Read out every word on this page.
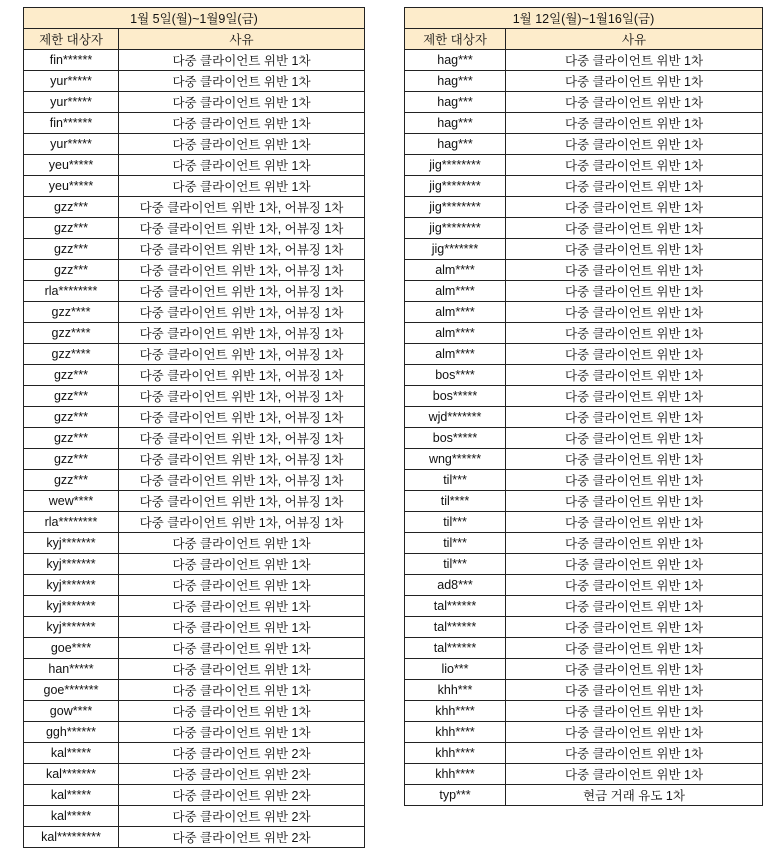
1월 5일(월)~1월9일(금)	
제한 대상자	사유
fin******	다중 클라이언트 위반 1차
yur*****	다중 클라이언트 위반 1차
yur*****	다중 클라이언트 위반 1차
fin******	다중 클라이언트 위반 1차
yur*****	다중 클라이언트 위반 1차
yeu*****	다중 클라이언트 위반 1차
yeu*****	다중 클라이언트 위반 1차
gzz***	다중 클라이언트 위반 1차, 어뷰징 1차
gzz***	다중 클라이언트 위반 1차, 어뷰징 1차
gzz***	다중 클라이언트 위반 1차, 어뷰징 1차
gzz***	다중 클라이언트 위반 1차, 어뷰징 1차
rla********	다중 클라이언트 위반 1차, 어뷰징 1차
gzz****	다중 클라이언트 위반 1차, 어뷰징 1차
gzz****	다중 클라이언트 위반 1차, 어뷰징 1차
gzz****	다중 클라이언트 위반 1차, 어뷰징 1차
gzz***	다중 클라이언트 위반 1차, 어뷰징 1차
gzz***	다중 클라이언트 위반 1차, 어뷰징 1차
gzz***	다중 클라이언트 위반 1차, 어뷰징 1차
gzz***	다중 클라이언트 위반 1차, 어뷰징 1차
gzz***	다중 클라이언트 위반 1차, 어뷰징 1차
gzz***	다중 클라이언트 위반 1차, 어뷰징 1차
wew****	다중 클라이언트 위반 1차, 어뷰징 1차
rla********	다중 클라이언트 위반 1차, 어뷰징 1차
kyj*******	다중 클라이언트 위반 1차
kyj*******	다중 클라이언트 위반 1차
kyj*******	다중 클라이언트 위반 1차
kyj*******	다중 클라이언트 위반 1차
kyj*******	다중 클라이언트 위반 1차
goe****	다중 클라이언트 위반 1차
han*****	다중 클라이언트 위반 1차
goe*******	다중 클라이언트 위반 1차
gow****	다중 클라이언트 위반 1차
ggh******	다중 클라이언트 위반 1차
kal*****	다중 클라이언트 위반 2차
kal*******	다중 클라이언트 위반 2차
kal*****	다중 클라이언트 위반 2차
kal*****	다중 클라이언트 위반 2차
kal*********	다중 클라이언트 위반 2차
1월 12일(월)~1월16일(금)	
제한 대상자	사유
hag***	다중 클라이언트 위반 1차
hag***	다중 클라이언트 위반 1차
hag***	다중 클라이언트 위반 1차
hag***	다중 클라이언트 위반 1차
hag***	다중 클라이언트 위반 1차
jig********	다중 클라이언트 위반 1차
jig********	다중 클라이언트 위반 1차
jig********	다중 클라이언트 위반 1차
jig********	다중 클라이언트 위반 1차
jig*******	다중 클라이언트 위반 1차
alm****	다중 클라이언트 위반 1차
alm****	다중 클라이언트 위반 1차
alm****	다중 클라이언트 위반 1차
alm****	다중 클라이언트 위반 1차
alm****	다중 클라이언트 위반 1차
bos****	다중 클라이언트 위반 1차
bos*****	다중 클라이언트 위반 1차
wjd*******	다중 클라이언트 위반 1차
bos*****	다중 클라이언트 위반 1차
wng******	다중 클라이언트 위반 1차
til***	다중 클라이언트 위반 1차
til****	다중 클라이언트 위반 1차
til***	다중 클라이언트 위반 1차
til***	다중 클라이언트 위반 1차
til***	다중 클라이언트 위반 1차
ad8***	다중 클라이언트 위반 1차
tal******	다중 클라이언트 위반 1차
tal******	다중 클라이언트 위반 1차
tal******	다중 클라이언트 위반 1차
lio***	다중 클라이언트 위반 1차
khh***	다중 클라이언트 위반 1차
khh****	다중 클라이언트 위반 1차
khh****	다중 클라이언트 위반 1차
khh****	다중 클라이언트 위반 1차
khh****	다중 클라이언트 위반 1차
typ***	현금 거래 유도 1차
